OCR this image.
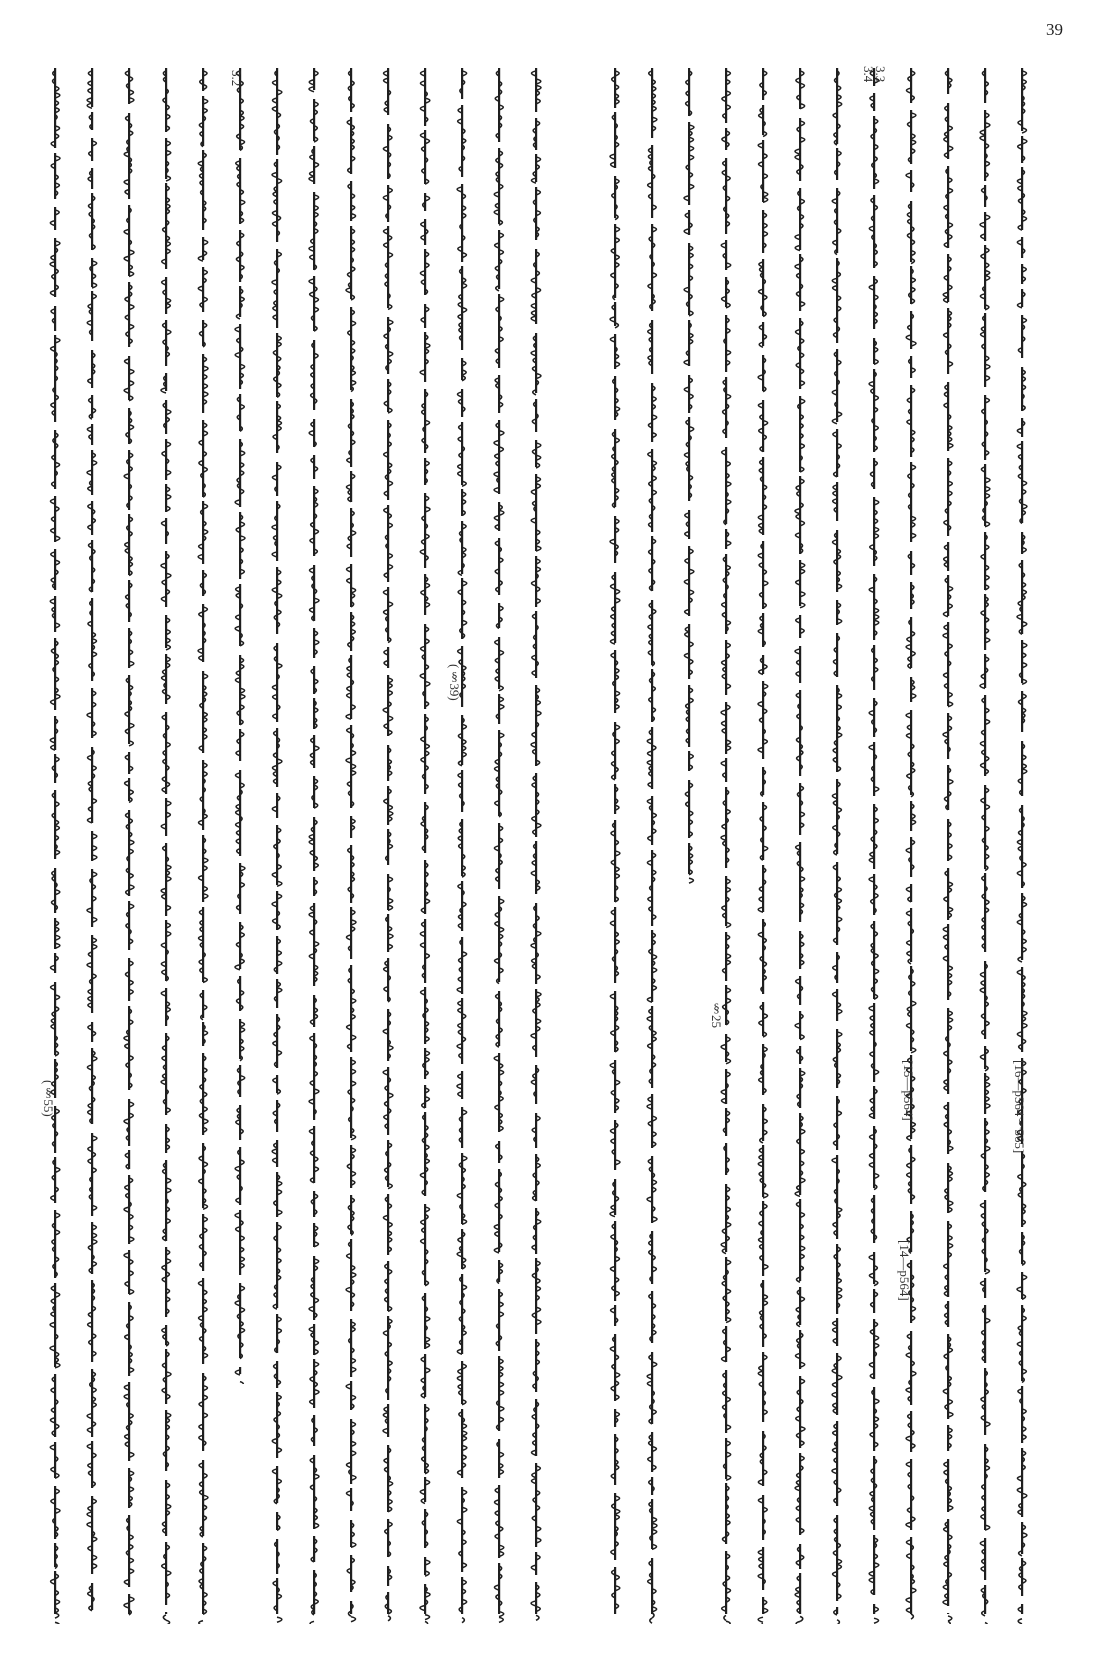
39
3.2
(§39)
(§55)
3.4
[16—p564～565]
[15—p564]
[14—p564]
§25
3.3
